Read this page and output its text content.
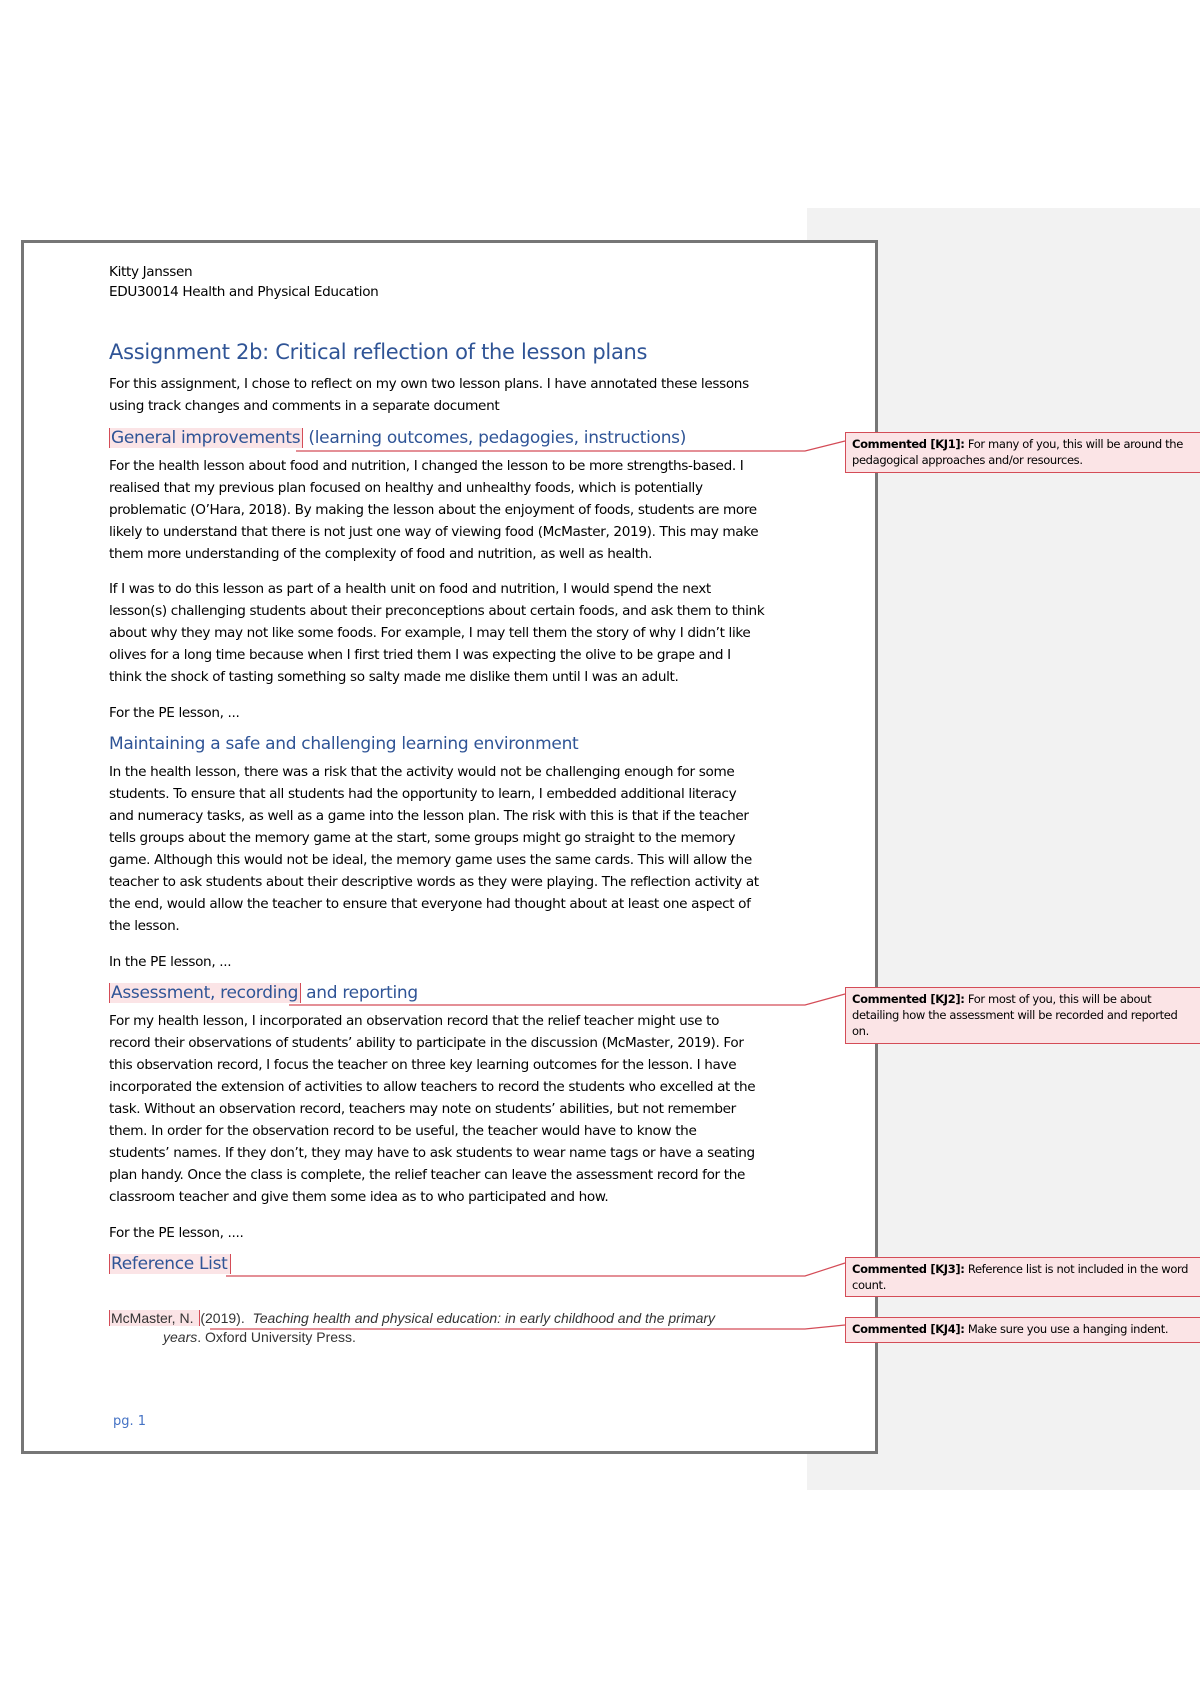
Kitty Janssen
EDU30014 Health and Physical Education
Assignment 2b: Critical reflection of the lesson plans
For this assignment, I chose to reflect on my own two lesson plans. I have annotated these lessons
using track changes and comments in a separate document
General improvements (learning outcomes, pedagogies, instructions)
For the health lesson about food and nutrition, I changed the lesson to be more strengths-based. I
realised that my previous plan focused on healthy and unhealthy foods, which is potentially
problematic (O’Hara, 2018). By making the lesson about the enjoyment of foods, students are more
likely to understand that there is not just one way of viewing food (McMaster, 2019). This may make
them more understanding of the complexity of food and nutrition, as well as health.
If I was to do this lesson as part of a health unit on food and nutrition, I would spend the next
lesson(s) challenging students about their preconceptions about certain foods, and ask them to think
about why they may not like some foods. For example, I may tell them the story of why I didn’t like
olives for a long time because when I first tried them I was expecting the olive to be grape and I
think the shock of tasting something so salty made me dislike them until I was an adult.
For the PE lesson, ...
Maintaining a safe and challenging learning environment
In the health lesson, there was a risk that the activity would not be challenging enough for some
students. To ensure that all students had the opportunity to learn, I embedded additional literacy
and numeracy tasks, as well as a game into the lesson plan. The risk with this is that if the teacher
tells groups about the memory game at the start, some groups might go straight to the memory
game. Although this would not be ideal, the memory game uses the same cards. This will allow the
teacher to ask students about their descriptive words as they were playing. The reflection activity at
the end, would allow the teacher to ensure that everyone had thought about at least one aspect of
the lesson.
In the PE lesson, ...
Assessment, recording and reporting
For my health lesson, I incorporated an observation record that the relief teacher might use to
record their observations of students’ ability to participate in the discussion (McMaster, 2019). For
this observation record, I focus the teacher on three key learning outcomes for the lesson. I have
incorporated the extension of activities to allow teachers to record the students who excelled at the
task. Without an observation record, teachers may note on students’ abilities, but not remember
them. In order for the observation record to be useful, the teacher would have to know the
students’ names. If they don’t, they may have to ask students to wear name tags or have a seating
plan handy. Once the class is complete, the relief teacher can leave the assessment record for the
classroom teacher and give them some idea as to who participated and how.
For the PE lesson, ....
Reference List
McMaster, N. (2019).  Teaching health and physical education: in early childhood and the primary
years. Oxford University Press.
pg. 1
Commented [KJ1]: For many of you, this will be around the pedagogical approaches and/or resources.
Commented [KJ2]: For most of you, this will be about detailing how the assessment will be recorded and reported on.
Commented [KJ3]: Reference list is not included in the word count.
Commented [KJ4]: Make sure you use a hanging indent.
